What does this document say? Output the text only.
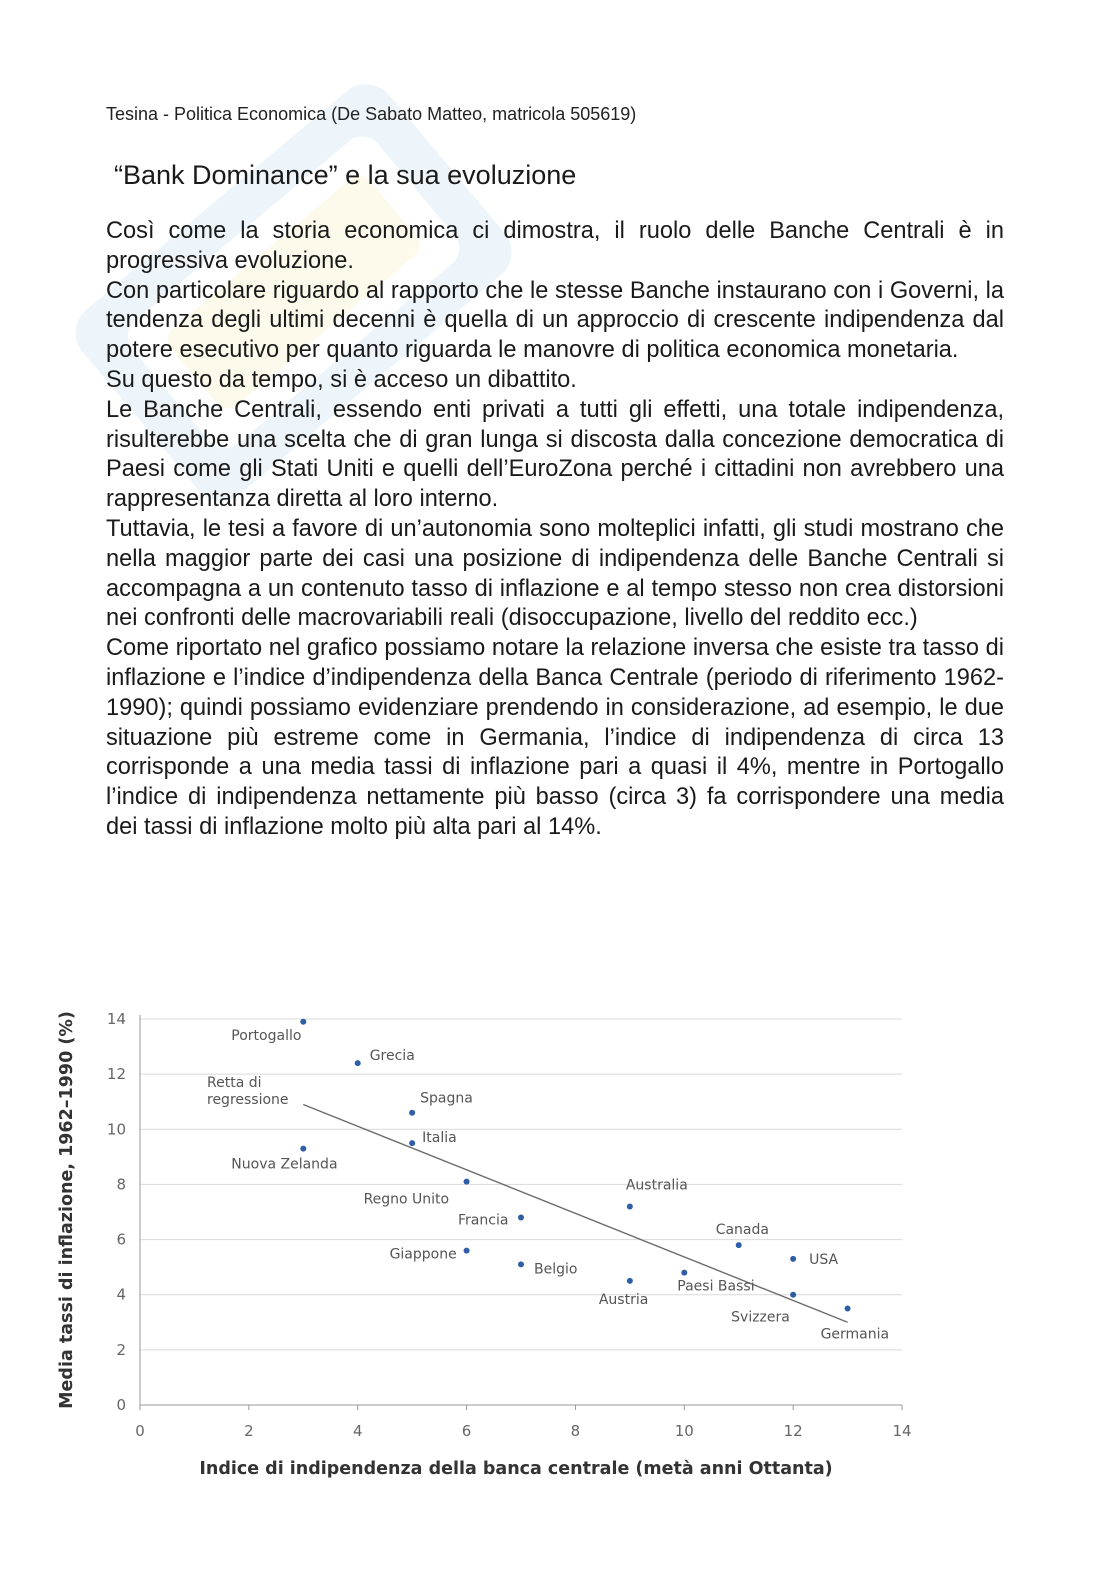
Tesina - Politica Economica (De Sabato Matteo, matricola 505619)
“Bank Dominance” e la sua evoluzione

Così come la storia economica ci dimostra, il ruolo delle Banche Centrali è in progressiva evoluzione.

Con particolare riguardo al rapporto che le stesse Banche instaurano con i Governi, la tendenza degli ultimi decenni è quella di un approccio di crescente indipendenza dal potere esecutivo per quanto riguarda le manovre di politica economica monetaria.

Su questo da tempo, si è acceso un dibattito.

Le Banche Centrali, essendo enti privati a tutti gli effetti, una totale indipendenza, risulterebbe una scelta che di gran lunga si discosta dalla concezione democratica di Paesi come gli Stati Uniti e quelli dell’EuroZona perché i cittadini non avrebbero una rappresentanza diretta al loro interno.

Tuttavia, le tesi a favore di un’autonomia sono molteplici infatti, gli studi mostrano che nella maggior parte dei casi una posizione di indipendenza delle Banche Centrali si accompagna a un contenuto tasso di inflazione e al tempo stesso non crea distorsioni nei confronti delle macrovariabili reali (disoccupazione, livello del reddito ecc.)

Come riportato nel grafico possiamo notare la relazione inversa che esiste tra tasso di inflazione e l’indice d’indipendenza della Banca Centrale (periodo di riferimento 1962-1990); quindi possiamo evidenziare prendendo in considerazione, ad esempio, le due situazione più estreme come in Germania, l’indice di indipendenza di circa 13 corrisponde a una media tassi di inflazione pari a quasi il 4%, mentre in Portogallo l’indice di indipendenza nettamente più basso (circa 3) fa corrispondere una media dei tassi di inflazione molto più alta pari al 14%.

0
2
4
6
8
10
12
14
0	2	4	6	8	10	12	14
Retta di regressione
Portogallo
Grecia
Spagna
Italia
Nuova Zelanda
Regno Unito
Francia
Giappone
Belgio
Australia
Austria
Paesi Bassi
Canada
USA
Svizzera
Germania
Media tassi di inflazione, 1962–1990 (%)
Indice di indipendenza della banca centrale (metà anni Ottanta)
